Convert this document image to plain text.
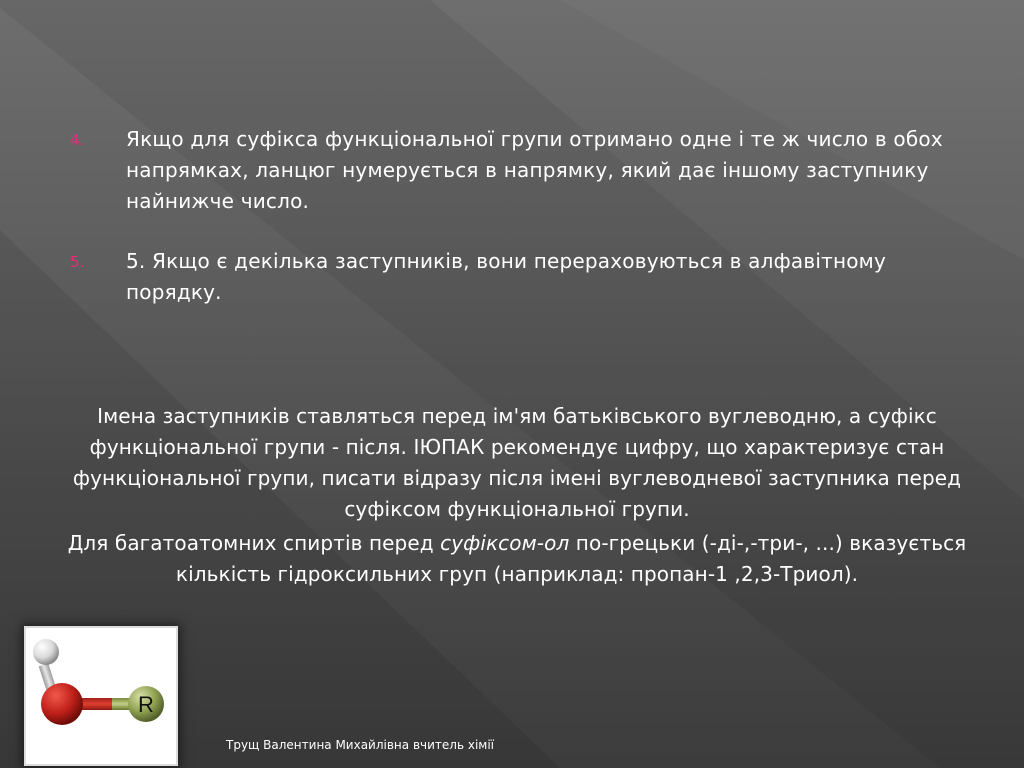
4. Якщо для суфікса функціональної групи отримано одне і те ж число в обох напрямках, ланцюг нумерується в напрямку, який дає іншому заступнику найнижче число.
5. 5. Якщо є декілька заступників, вони перераховуються в алфавітному порядку.

Імена заступників ставляться перед ім'ям батьківського вуглеводню, а суфікс функціональної групи - після. ІЮПАК рекомендує цифру, що характеризує стан функціональної групи, писати відразу після імені вуглеводневої заступника перед суфіксом функціональної групи.

Для багатоатомних спиртів перед суфіксом-ол по-грецьки (-ді-,-три-, ...) вказується кількість гідроксильних груп (наприклад: пропан-1 ,2,3-Триол).

R
Трущ Валентина Михайлівна вчитель хімії
